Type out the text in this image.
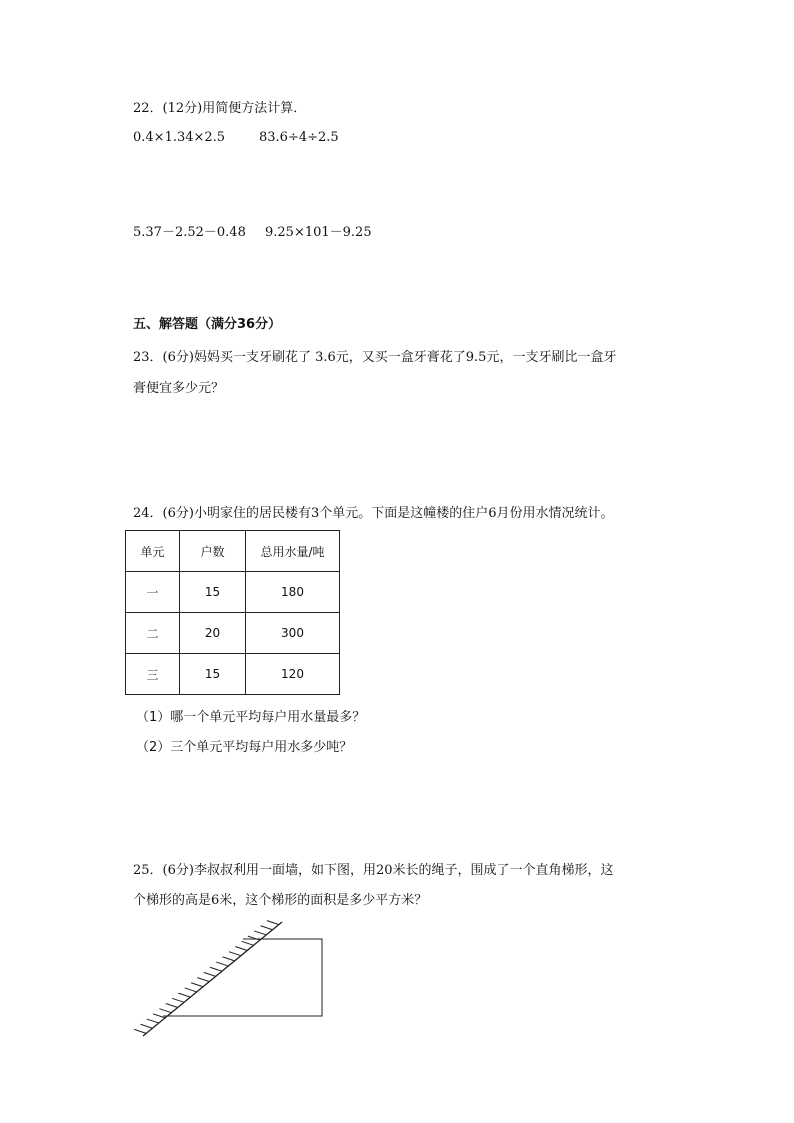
22．(12分)用简便方法计算．
0.4×1.34×2.5	83.6÷4÷2.5
5.37－2.52－0.48 9.25×101－9.25
五、解答题（满分36分）
23．(6分)妈妈买一支牙刷花了 3.6元，又买一盒牙膏花了9.5元，一支牙刷比一盒牙
膏便宜多少元？
24．(6分)小明家住的居民楼有3个单元。下面是这幢楼的住户6月份用水情况统计。
单元	户数	总用水量/吨
一	15	180
二	20	300
三	15	120
（1）哪一个单元平均每户用水量最多？
（2）三个单元平均每户用水多少吨？
25．(6分)李叔叔利用一面墙，如下图，用20米长的绳子，围成了一个直角梯形，这
个梯形的高是6米，这个梯形的面积是多少平方米？
